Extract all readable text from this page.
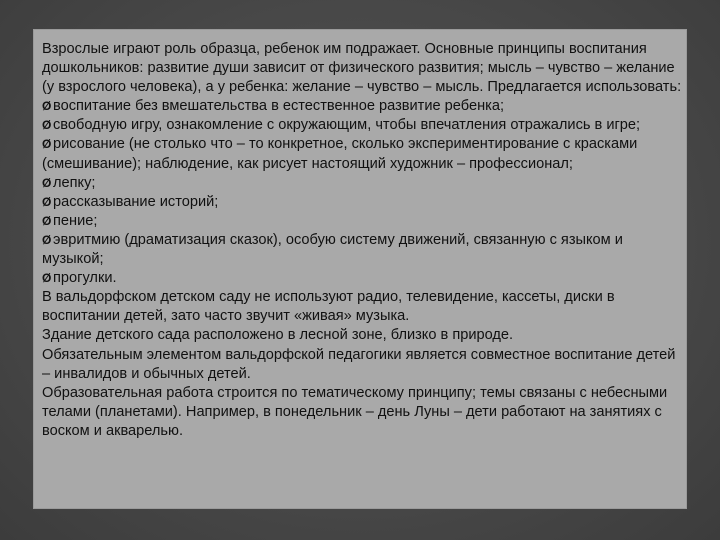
Взрослые играют роль образца, ребенок им подражает. Основные принципы воспитания дошкольников: развитие души зависит от физического развития; мысль – чувство – желание (у взрослого человека), а у ребенка: желание – чувство – мысль. Предлагается использовать:

Ø воспитание без вмешательства в естественное развитие ребенка;

Ø свободную игру, ознакомление с окружающим, чтобы впечатления отражались в игре;

Ø рисование (не столько что – то конкретное, сколько экспериментирование с красками (смешивание); наблюдение, как рисует настоящий художник – профессионал;

Ø лепку;

Ø рассказывание историй;

Ø пение;

Ø эвритмию (драматизация сказок), особую систему движений, связанную с языком и музыкой;

Ø прогулки.

В вальдорфском детском саду не используют радио, телевидение, кассеты, диски в воспитании детей, зато часто звучит «живая» музыка.

Здание детского сада расположено в лесной зоне, близко в природе.

Обязательным элементом вальдорфской педагогики является совместное воспитание детей – инвалидов и обычных детей.

Образовательная работа строится по тематическому принципу; темы связаны с небесными телами (планетами). Например, в понедельник – день Луны – дети работают на занятиях с воском и акварелью.
